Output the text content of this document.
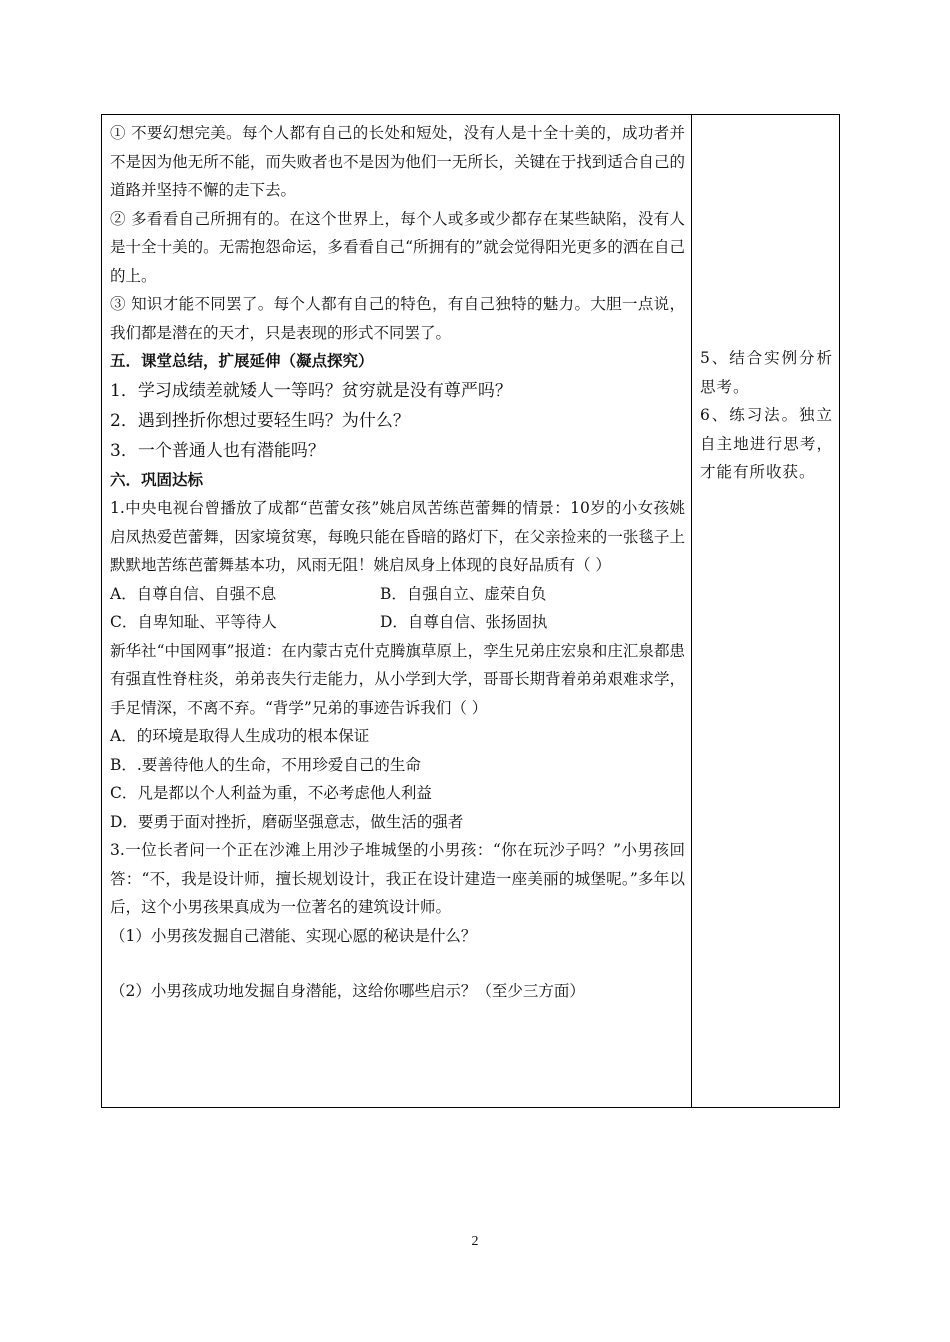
① 不要幻想完美。每个人都有自己的长处和短处，没有人是十全十美的，成功者并不是因为他无所不能，而失败者也不是因为他们一无所长，关键在于找到适合自己的道路并坚持不懈的走下去。

② 多看看自己所拥有的。在这个世界上，每个人或多或少都存在某些缺陷，没有人是十全十美的。无需抱怨命运，多看看自己“所拥有的”就会觉得阳光更多的洒在自己的上。

③ 知识才能不同罢了。每个人都有自己的特色，有自己独特的魅力。大胆一点说，我们都是潜在的天才，只是表现的形式不同罢了。

五．课堂总结，扩展延伸（凝点探究）

1．学习成绩差就矮人一等吗？贫穷就是没有尊严吗？

2．遇到挫折你想过要轻生吗？为什么？

3．一个普通人也有潜能吗？

六．巩固达标

1.中央电视台曾播放了成都“芭蕾女孩”姚启凤苦练芭蕾舞的情景：10岁的小女孩姚启凤热爱芭蕾舞，因家境贫寒，每晚只能在昏暗的路灯下，在父亲捡来的一张毯子上默默地苦练芭蕾舞基本功，风雨无阻！姚启凤身上体现的良好品质有（ ）

A．自尊自信、自强不息	B．自强自立、虚荣自负
C．自卑知耻、平等待人	D．自尊自信、张扬固执

新华社“中国网事”报道：在内蒙古克什克腾旗草原上，孪生兄弟庄宏泉和庄汇泉都患有强直性脊柱炎，弟弟丧失行走能力，从小学到大学，哥哥长期背着弟弟艰难求学，手足情深，不离不弃。“背学”兄弟的事迹告诉我们（ ）

A．的环境是取得人生成功的根本保证

B．.要善待他人的生命，不用珍爱自己的生命

C．凡是都以个人利益为重，不必考虑他人利益

D．要勇于面对挫折，磨砺坚强意志，做生活的强者

3.一位长者问一个正在沙滩上用沙子堆城堡的小男孩：“你在玩沙子吗？”小男孩回答：“不，我是设计师，擅长规划设计，我正在设计建造一座美丽的城堡呢。”多年以后，这个小男孩果真成为一位著名的建筑设计师。

（1）小男孩发掘自己潜能、实现心愿的秘诀是什么？

（2）小男孩成功地发掘自身潜能，这给你哪些启示？（至少三方面）

5、结合实例分析思考。

6、练习法。独立自主地进行思考，才能有所收获。

2
